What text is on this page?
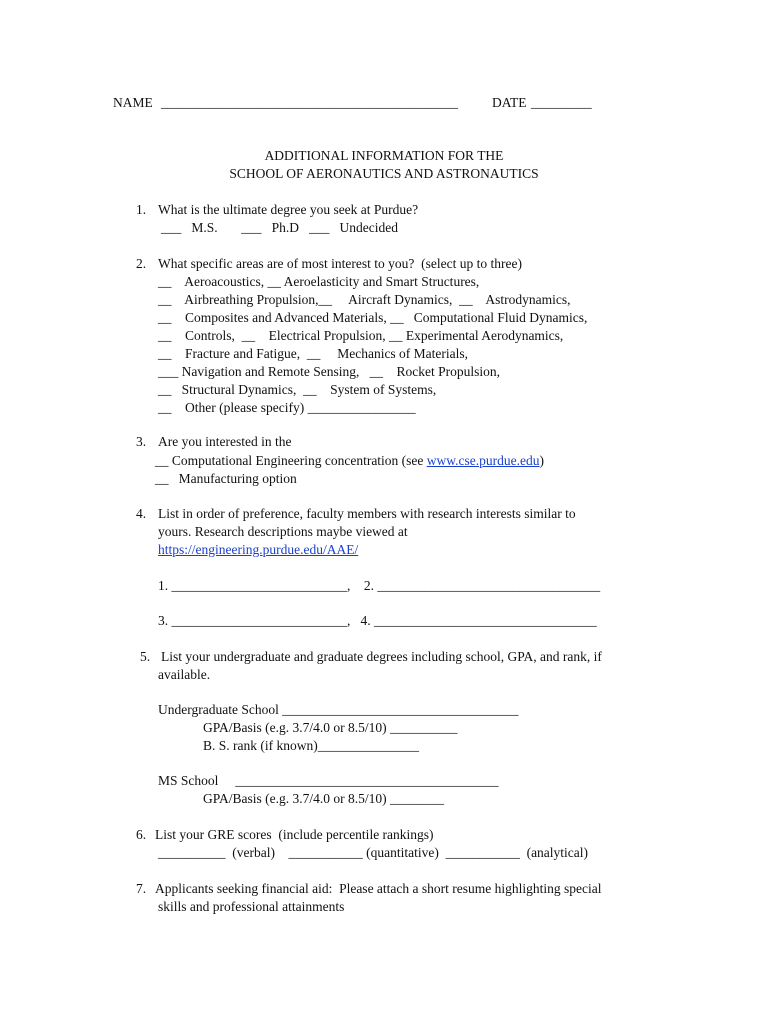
NAME ____________________________________________	DATE _________
ADDITIONAL INFORMATION FOR THE
SCHOOL OF AERONAUTICS AND ASTRONAUTICS
1. What is the ultimate degree you seek at Purdue?
___   M.S.       ___   Ph.D   ___   Undecided
2. What specific areas are of most interest to you?  (select up to three)
__    Aeroacoustics, __ Aeroelasticity and Smart Structures,
__    Airbreathing Propulsion,__     Aircraft Dynamics,  __    Astrodynamics,
__    Composites and Advanced Materials, __   Computational Fluid Dynamics,
__    Controls,  __    Electrical Propulsion, __ Experimental Aerodynamics,
__    Fracture and Fatigue,  __     Mechanics of Materials,
___ Navigation and Remote Sensing,   __    Rocket Propulsion,
__   Structural Dynamics,  __    System of Systems,
__    Other (please specify) ________________
3. Are you interested in the
__ Computational Engineering concentration (see www.cse.purdue.edu)
__   Manufacturing option
4. List in order of preference, faculty members with research interests similar to
yours. Research descriptions maybe viewed at
https://engineering.purdue.edu/AAE/
1. __________________________,    2. _________________________________
3. __________________________,   4. _________________________________
5. List your undergraduate and graduate degrees including school, GPA, and rank, if
available.
Undergraduate School ___________________________________
GPA/Basis (e.g. 3.7/4.0 or 8.5/10) __________
B. S. rank (if known)_______________
MS School     _______________________________________
GPA/Basis (e.g. 3.7/4.0 or 8.5/10) ________
6. List your GRE scores  (include percentile rankings)
__________  (verbal)    ___________ (quantitative)  ___________  (analytical)
7. Applicants seeking financial aid:  Please attach a short resume highlighting special
skills and professional attainments
